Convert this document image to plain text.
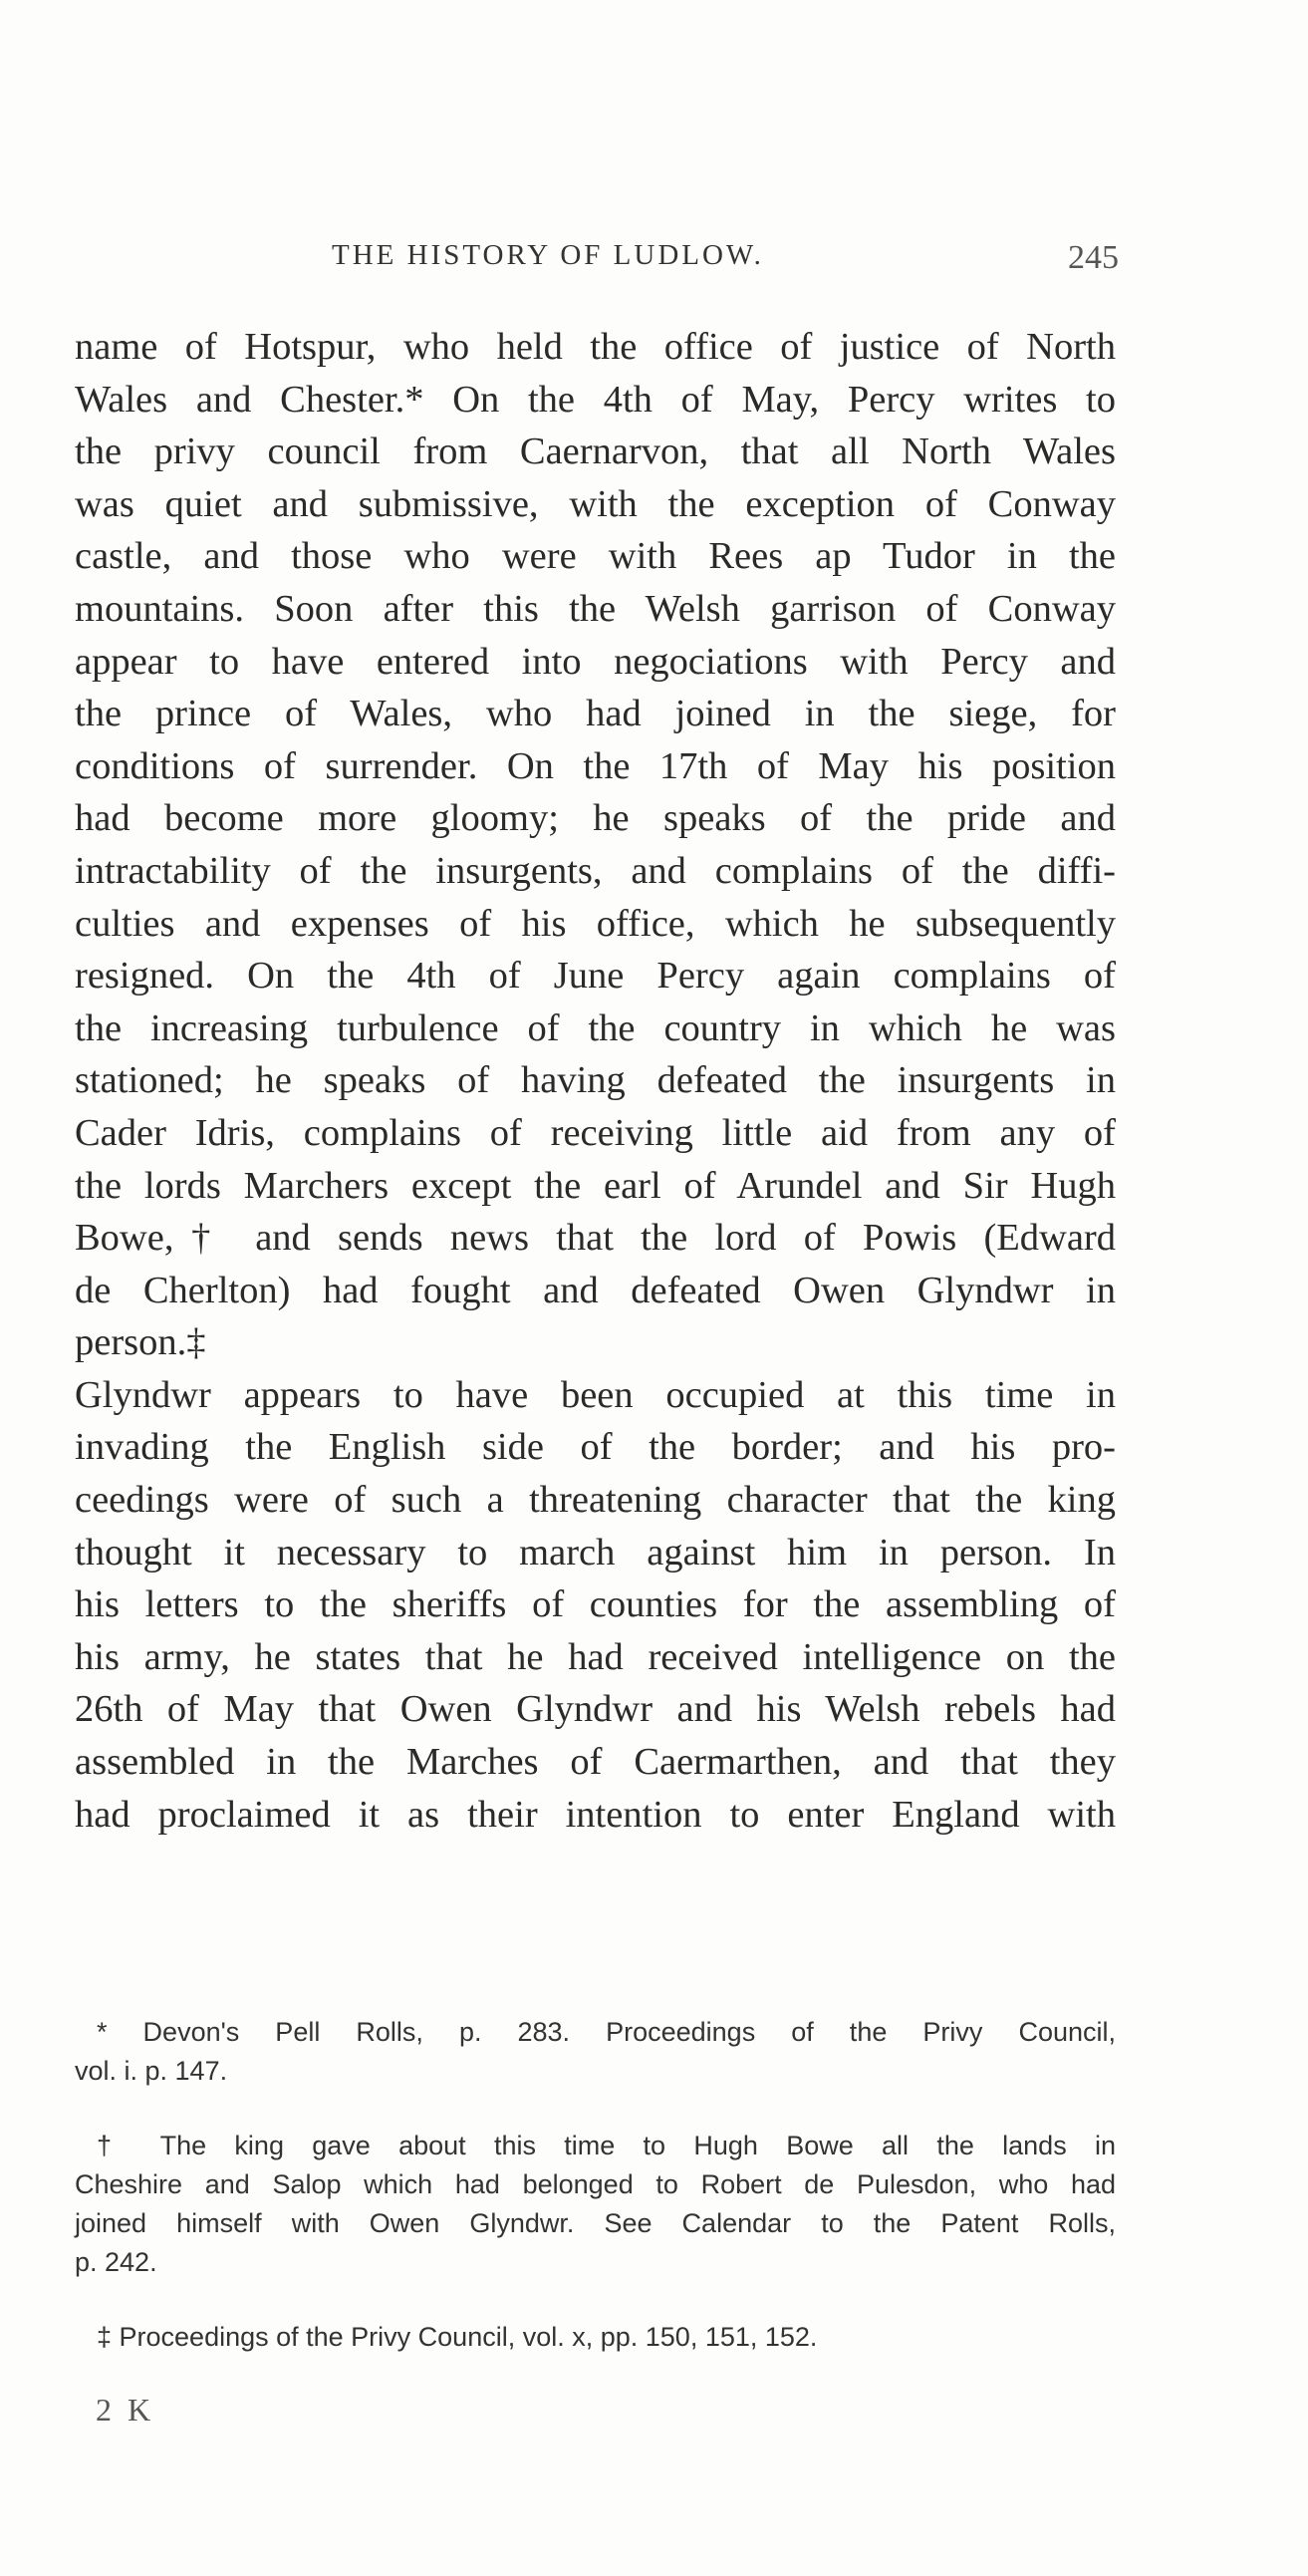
THE HISTORY OF LUDLOW.	245
name of Hotspur, who held the office of justice of North
Wales and Chester.* On the 4th of May, Percy writes to
the privy council from Caernarvon, that all North Wales
was quiet and submissive, with the exception of Conway
castle, and those who were with Rees ap Tudor in the
mountains. Soon after this the Welsh garrison of Conway
appear to have entered into negociations with Percy and
the prince of Wales, who had joined in the siege, for
conditions of surrender. On the 17th of May his position
had become more gloomy; he speaks of the pride and
intractability of the insurgents, and complains of the diffi-
culties and expenses of his office, which he subsequently
resigned. On the 4th of June Percy again complains of
the increasing turbulence of the country in which he was
stationed; he speaks of having defeated the insurgents in
Cader Idris, complains of receiving little aid from any of
the lords Marchers except the earl of Arundel and Sir Hugh
Bowe,† and sends news that the lord of Powis (Edward
de Cherlton) had fought and defeated Owen Glyndwr in
person.‡
Glyndwr appears to have been occupied at this time in
invading the English side of the border; and his pro-
ceedings were of such a threatening character that the king
thought it necessary to march against him in person. In
his letters to the sheriffs of counties for the assembling of
his army, he states that he had received intelligence on the
26th of May that Owen Glyndwr and his Welsh rebels had
assembled in the Marches of Caermarthen, and that they
had proclaimed it as their intention to enter England with
* Devon's Pell Rolls, p. 283. Proceedings of the Privy Council,
vol. i. p. 147.
† The king gave about this time to Hugh Bowe all the lands in
Cheshire and Salop which had belonged to Robert de Pulesdon, who had
joined himself with Owen Glyndwr. See Calendar to the Patent Rolls,
p. 242.
‡ Proceedings of the Privy Council, vol. x, pp. 150, 151, 152.
2 K
